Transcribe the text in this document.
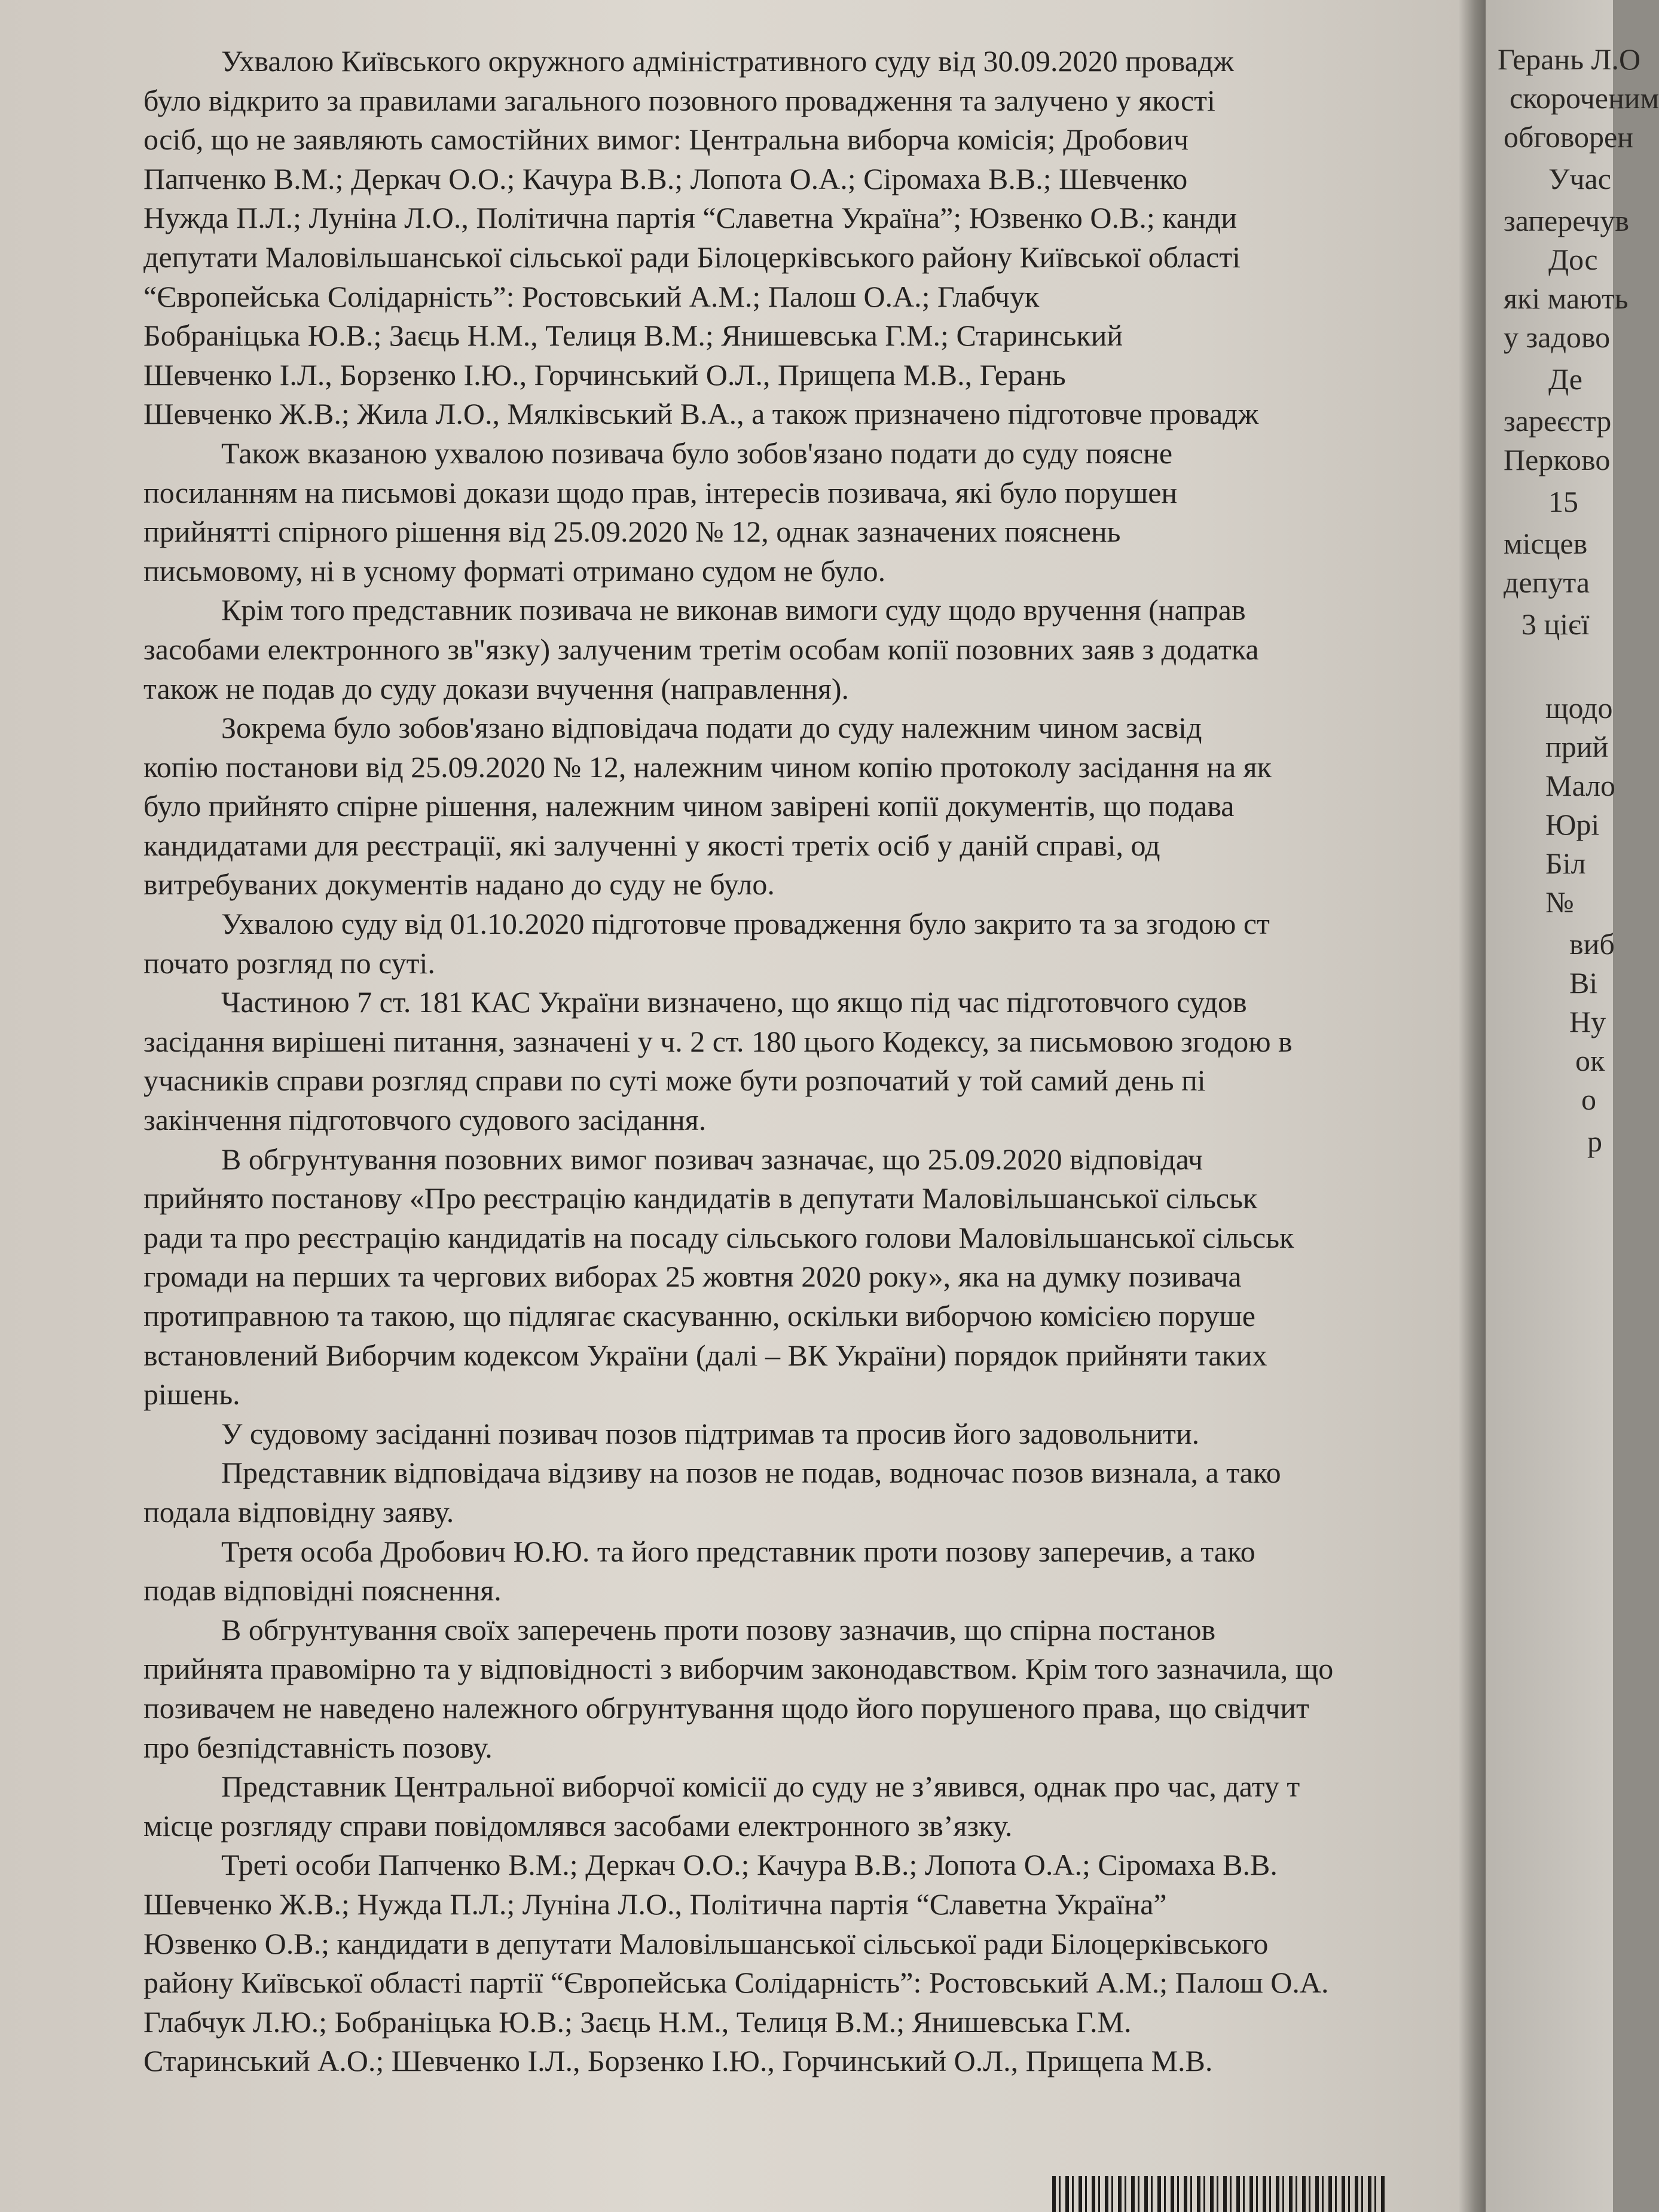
Ухвалою Київського окружного адміністративного суду від 30.09.2020 провадж

було відкрито за правилами загального позовного провадження та залучено у якості

осіб, що не заявляють самостійних вимог: Центральна виборча комісія; Дробович

Папченко В.М.; Деркач О.О.; Качура В.В.; Лопота О.А.; Сіромаха В.В.; Шевченко

Нужда П.Л.; Луніна Л.О., Політична партія “Славетна Україна”; Юзвенко О.В.; канди

депутати Маловільшанської сільської ради Білоцерківського району Київської області

“Європейська Солідарність”: Ростовський А.М.; Палош О.А.; Глабчук

Бобраніцька Ю.В.; Заєць Н.М., Телиця В.М.; Янишевська Г.М.; Старинський

Шевченко І.Л., Борзенко І.Ю., Горчинський О.Л., Прищепа М.В., Герань

Шевченко Ж.В.; Жила Л.О., Мялківський В.А., а також призначено підготовче провадж

Також вказаною ухвалою позивача було зобов'язано подати до суду поясне

посиланням на письмові докази щодо прав, інтересів позивача, які було порушен

прийнятті спірного рішення від 25.09.2020 № 12, однак зазначених пояснень

письмовому, ні в усному форматі отримано судом не було.

Крім того представник позивача не виконав вимоги суду щодо вручення (направ

засобами електронного зв"язку) залученим третім особам копії позовних заяв з додатка

також не подав до суду докази вчучення (направлення).

Зокрема було зобов'язано відповідача подати до суду належним чином засвід

копію постанови від 25.09.2020 № 12, належним чином копію протоколу засідання на як

було прийнято спірне рішення, належним чином завірені копії документів, що подава

кандидатами для реєстрації, які залученні у якості третіх осіб у даній справі, од

витребуваних документів надано до суду не було.

Ухвалою суду від 01.10.2020 підготовче провадження було закрито та за згодою ст

почато розгляд по суті.

Частиною 7 ст. 181 КАС України визначено, що якщо під час підготовчого судов

засідання вирішені питання, зазначені у ч. 2 ст. 180 цього Кодексу, за письмовою згодою в

учасників справи розгляд справи по суті може бути розпочатий у той самий день пі

закінчення підготовчого судового засідання.

В обгрунтування позовних вимог позивач зазначає, що 25.09.2020 відповідач

прийнято постанову «Про реєстрацію кандидатів в депутати Маловільшанської сільськ

ради та про реєстрацію кандидатів на посаду сільського голови Маловільшанської сільськ

громади на перших та чергових виборах 25 жовтня 2020 року», яка на думку позивача

протиправною та такою, що підлягає скасуванню, оскільки виборчою комісією поруше

встановлений Виборчим кодексом України (далі – ВК України) порядок прийняти таких

рішень.

У судовому засіданні позивач позов підтримав та просив його задовольнити.

Представник відповідача відзиву на позов не подав, водночас позов визнала, а тако

подала відповідну заяву.

Третя особа Дробович Ю.Ю. та його представник проти позову заперечив, а тако

подав відповідні пояснення.

В обгрунтування своїх заперечень проти позову зазначив, що спірна постанов

прийнята правомірно та у відповідності з виборчим законодавством. Крім того зазначила, що

позивачем не наведено належного обгрунтування щодо його порушеного права, що свідчит

про безпідставність позову.

Представник Центральної виборчої комісії до суду не з’явився, однак про час, дату т

місце розгляду справи повідомлявся засобами електронного зв’язку.

Треті особи Папченко В.М.; Деркач О.О.; Качура В.В.; Лопота О.А.; Сіромаха В.В.

Шевченко Ж.В.; Нужда П.Л.; Луніна Л.О., Політична партія “Славетна Україна”

Юзвенко О.В.; кандидати в депутати Маловільшанської сільської ради Білоцерківського

району Київської області партії “Європейська Солідарність”: Ростовський А.М.; Палош О.А.

Глабчук Л.Ю.; Бобраніцька Ю.В.; Заєць Н.М., Телиця В.М.; Янишевська Г.М.

Старинський А.О.; Шевченко І.Л., Борзенко І.Ю., Горчинський О.Л., Прищепа М.В.

Герань Л.О
скороченим
обговорен
Учас
заперечув
Дос
які мають
у задово
Де
зареєстр
Перково
15
місцев
депута
3 цієї
щодо
прий
Мало
Юрі
Біл
№
виб
Ві
Ну
ок
о
р
